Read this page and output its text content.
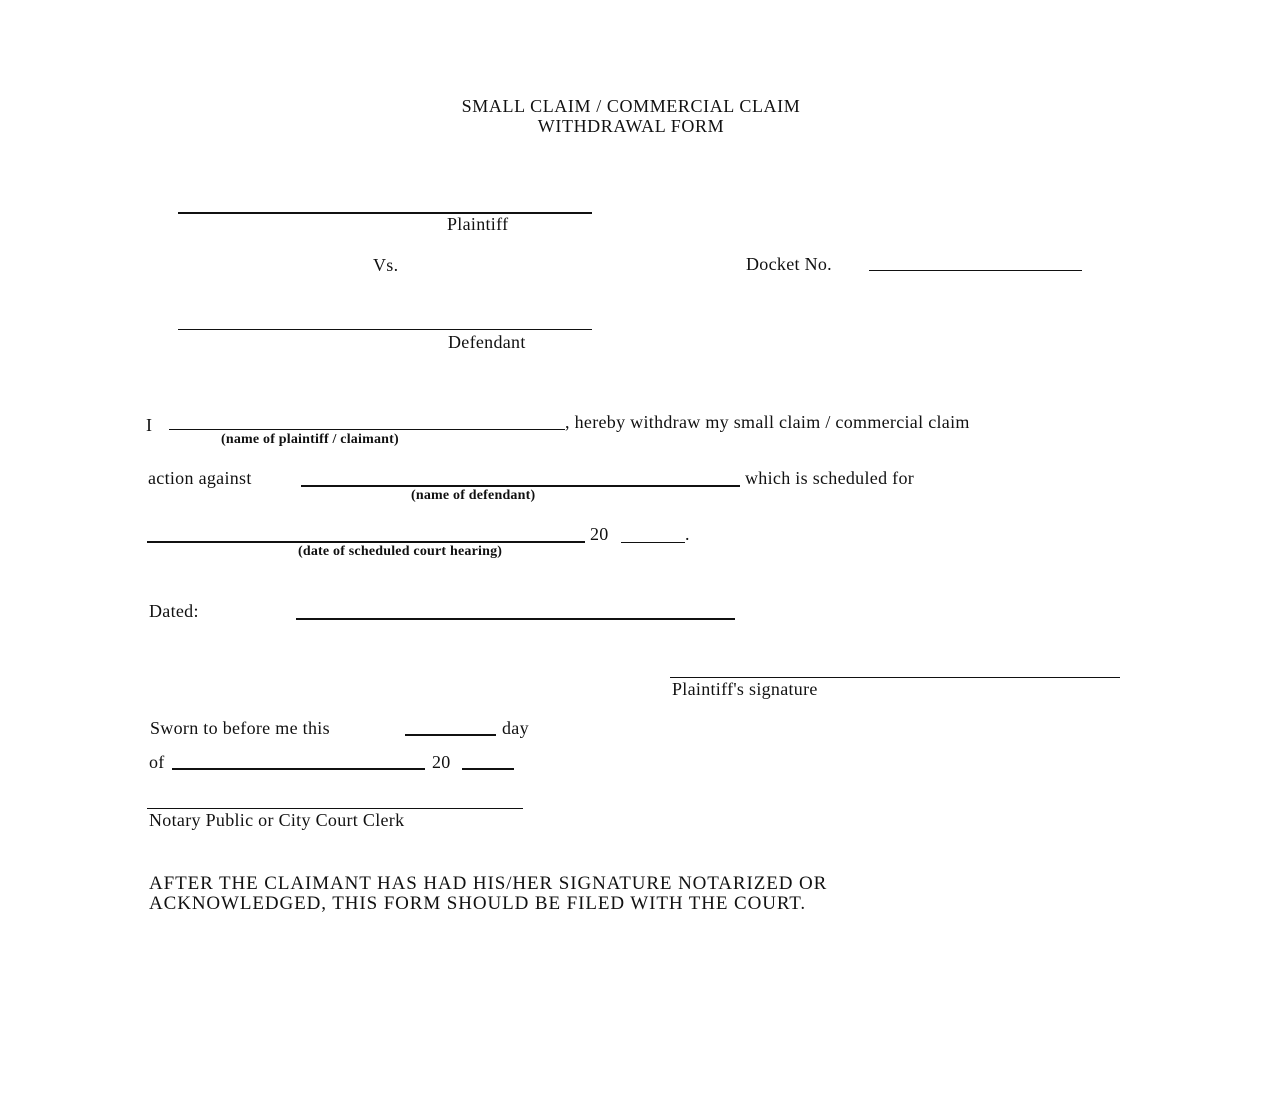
SMALL CLAIM / COMMERCIAL CLAIM
WITHDRAWAL FORM
Plaintiff
Vs.	Docket No.
Defendant
I	, hereby withdraw my small claim / commercial claim
(name of plaintiff / claimant)
action against	which is scheduled for
(name of defendant)
20	.
(date of scheduled court hearing)
Dated:
Plaintiff's signature
Sworn to before me this	day
of	20
Notary Public or City Court Clerk
AFTER THE CLAIMANT HAS HAD HIS/HER SIGNATURE NOTARIZED OR
ACKNOWLEDGED, THIS FORM SHOULD BE FILED WITH THE COURT.
